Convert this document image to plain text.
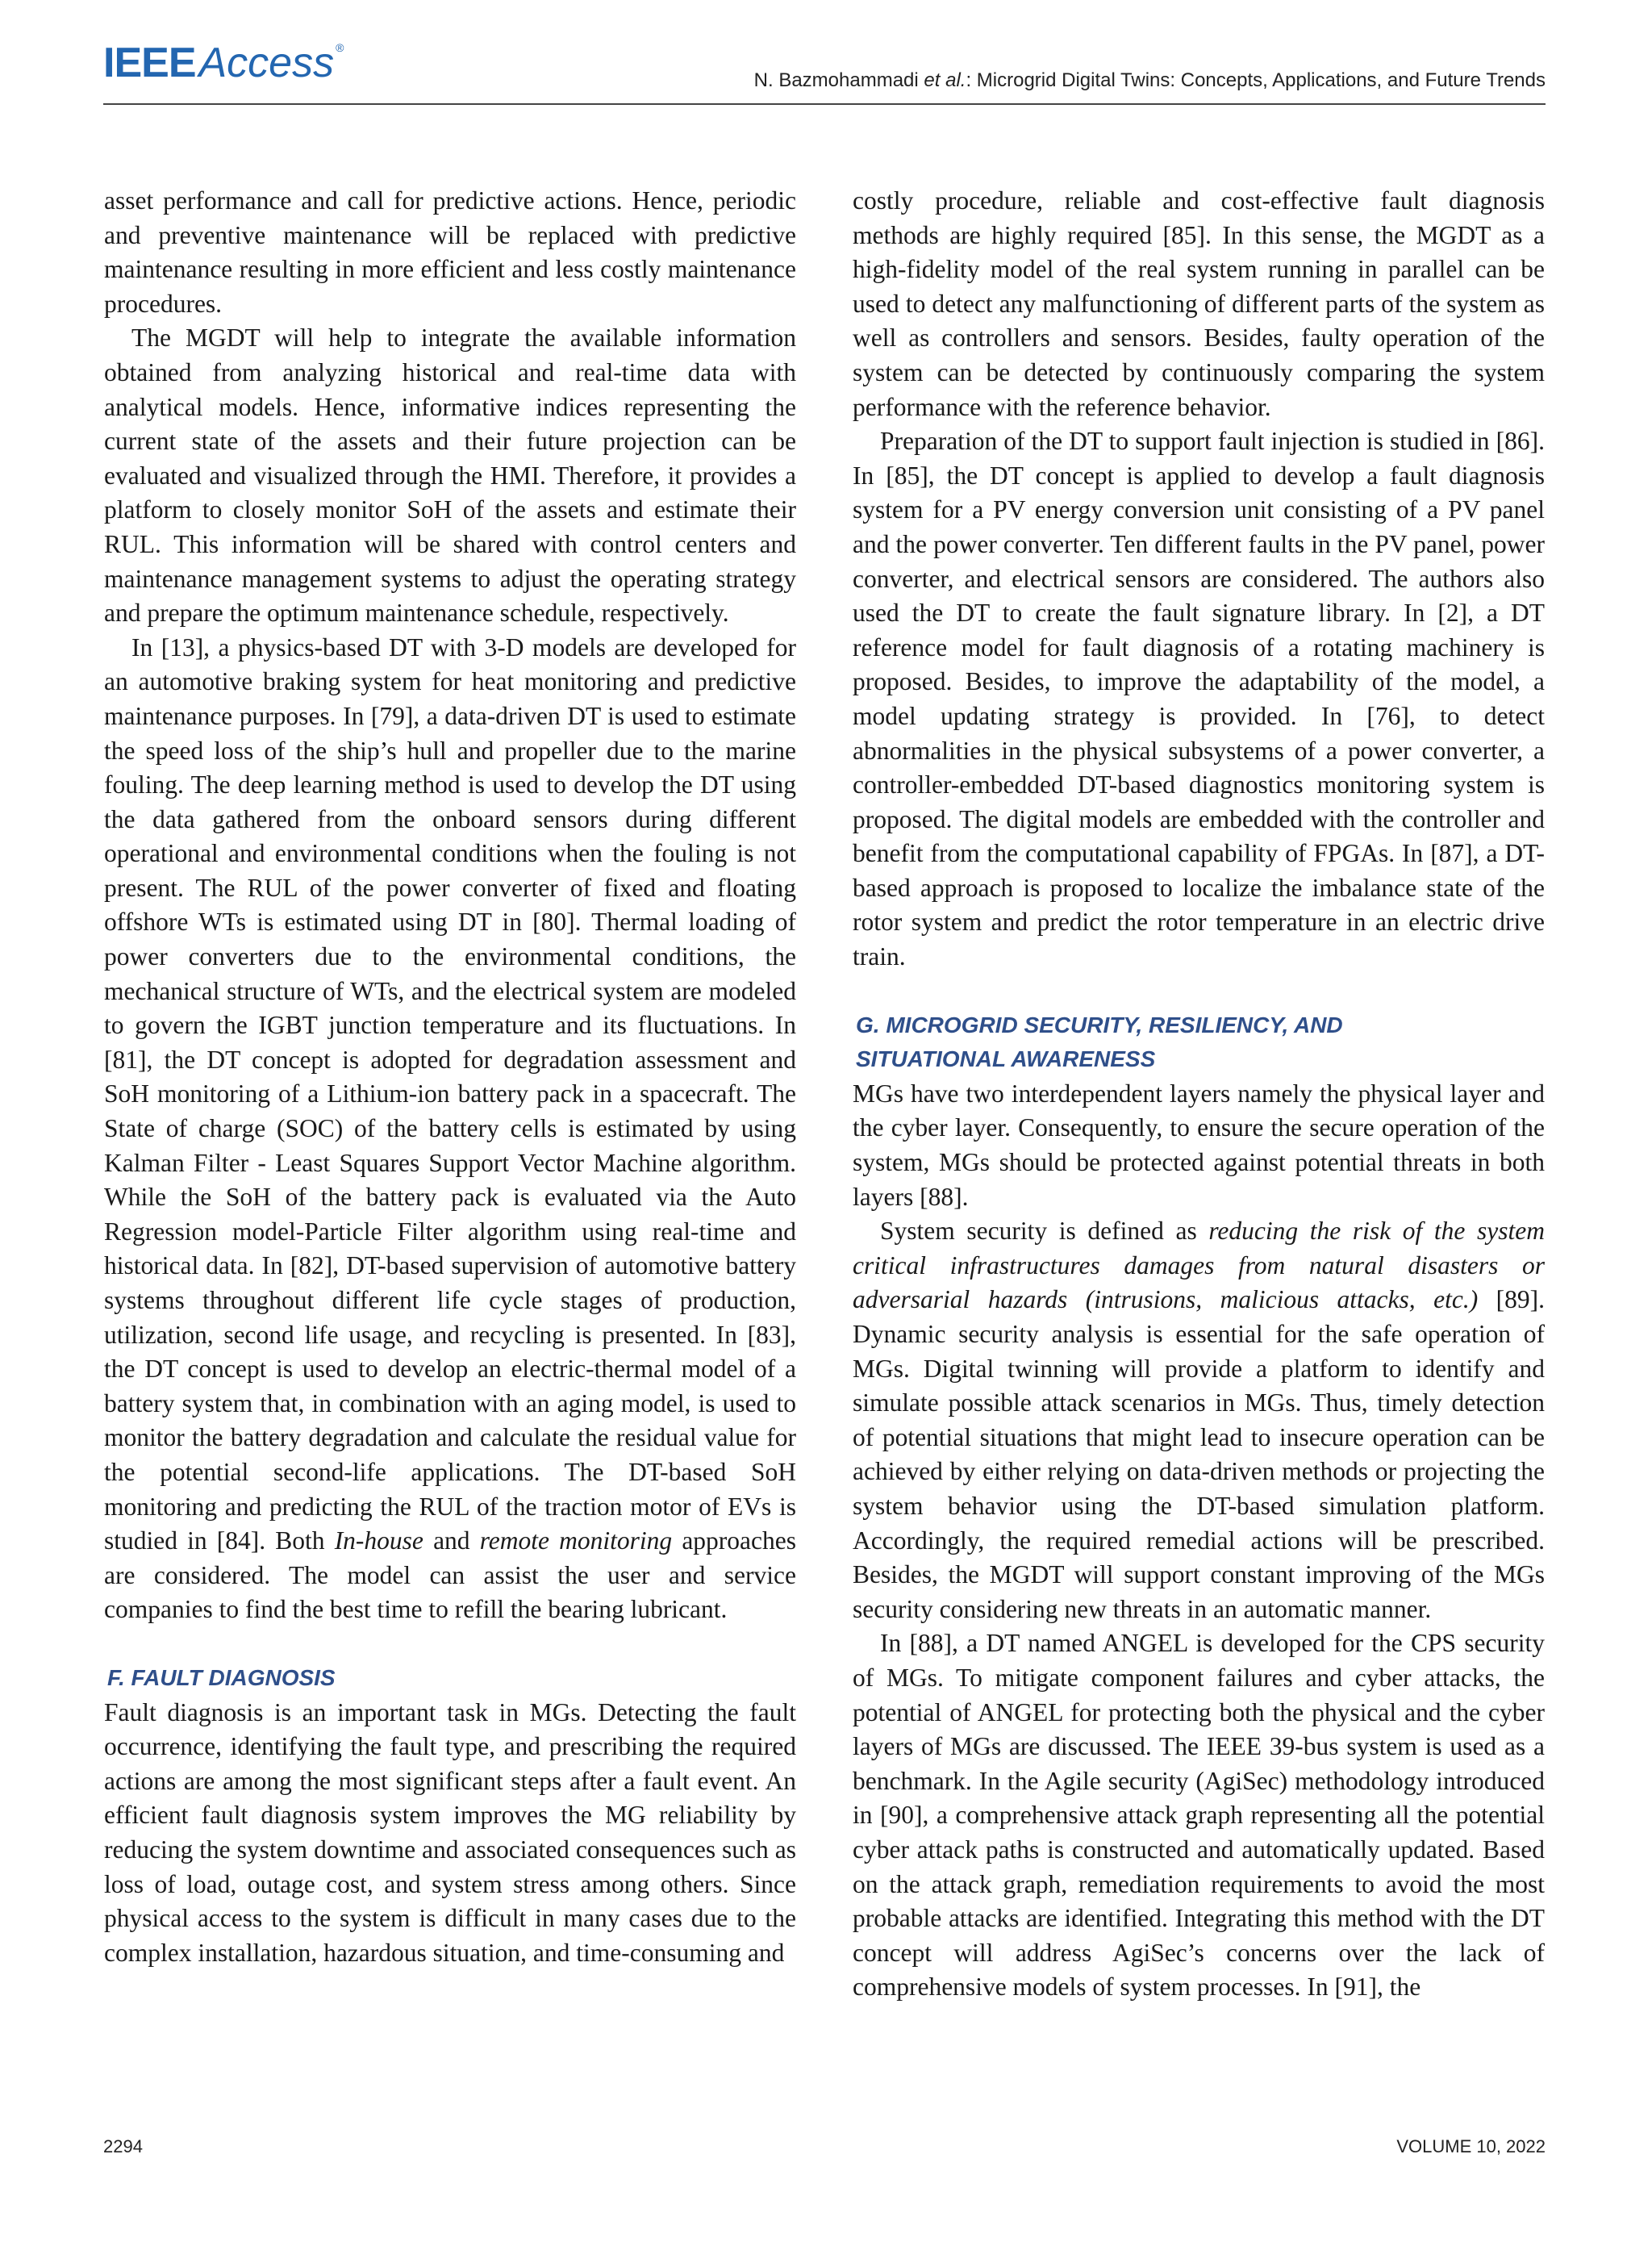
IEEEAccess ®
N. Bazmohammadi et al.: Microgrid Digital Twins: Concepts, Applications, and Future Trends

asset performance and call for predictive actions. Hence, periodic and preventive maintenance will be replaced with predictive maintenance resulting in more efficient and less costly maintenance procedures.

The MGDT will help to integrate the available information obtained from analyzing historical and real-time data with analytical models. Hence, informative indices representing the current state of the assets and their future projection can be evaluated and visualized through the HMI. Therefore, it provides a platform to closely monitor SoH of the assets and estimate their RUL. This information will be shared with control centers and maintenance management systems to adjust the operating strategy and prepare the optimum maintenance schedule, respectively.

In [13], a physics-based DT with 3-D models are developed for an automotive braking system for heat monitoring and predictive maintenance purposes. In [79], a data-driven DT is used to estimate the speed loss of the ship’s hull and propeller due to the marine fouling. The deep learning method is used to develop the DT using the data gathered from the onboard sensors during different operational and environmental conditions when the fouling is not present. The RUL of the power converter of fixed and floating offshore WTs is estimated using DT in [80]. Thermal loading of power converters due to the environmental conditions, the mechanical structure of WTs, and the electrical system are modeled to govern the IGBT junction temperature and its fluctuations. In [81], the DT concept is adopted for degradation assessment and SoH monitoring of a Lithium-ion battery pack in a spacecraft. The State of charge (SOC) of the battery cells is estimated by using Kalman Filter - Least Squares Support Vector Machine algorithm. While the SoH of the battery pack is evaluated via the Auto Regression model-Particle Filter algorithm using real-time and historical data. In [82], DT-based supervision of automotive battery systems throughout different life cycle stages of production, utilization, second life usage, and recycling is presented. In [83], the DT concept is used to develop an electric-thermal model of a battery system that, in combination with an aging model, is used to monitor the battery degradation and calculate the residual value for the potential second-life applications. The DT-based SoH monitoring and predicting the RUL of the traction motor of EVs is studied in [84]. Both In-house and remote monitoring approaches are considered. The model can assist the user and service companies to find the best time to refill the bearing lubricant.

F. FAULT DIAGNOSIS

Fault diagnosis is an important task in MGs. Detecting the fault occurrence, identifying the fault type, and prescribing the required actions are among the most significant steps after a fault event. An efficient fault diagnosis system improves the MG reliability by reducing the system downtime and associated consequences such as loss of load, outage cost, and system stress among others. Since physical access to the system is difficult in many cases due to the complex installation, hazardous situation, and time-consuming and

costly procedure, reliable and cost-effective fault diagnosis methods are highly required [85]. In this sense, the MGDT as a high-fidelity model of the real system running in parallel can be used to detect any malfunctioning of different parts of the system as well as controllers and sensors. Besides, faulty operation of the system can be detected by continuously comparing the system performance with the reference behavior.

Preparation of the DT to support fault injection is studied in [86]. In [85], the DT concept is applied to develop a fault diagnosis system for a PV energy conversion unit consisting of a PV panel and the power converter. Ten different faults in the PV panel, power converter, and electrical sensors are considered. The authors also used the DT to create the fault signature library. In [2], a DT reference model for fault diagnosis of a rotating machinery is proposed. Besides, to improve the adaptability of the model, a model updating strategy is provided. In [76], to detect abnormalities in the physical subsystems of a power converter, a controller-embedded DT-based diagnostics monitoring system is proposed. The digital models are embedded with the controller and benefit from the computational capability of FPGAs. In [87], a DT-based approach is proposed to localize the imbalance state of the rotor system and predict the rotor temperature in an electric drive train.

G. MICROGRID SECURITY, RESILIENCY, AND
SITUATIONAL AWARENESS

MGs have two interdependent layers namely the physical layer and the cyber layer. Consequently, to ensure the secure operation of the system, MGs should be protected against potential threats in both layers [88].

System security is defined as reducing the risk of the system critical infrastructures damages from natural disasters or adversarial hazards (intrusions, malicious attacks, etc.) [89]. Dynamic security analysis is essential for the safe operation of MGs. Digital twinning will provide a platform to identify and simulate possible attack scenarios in MGs. Thus, timely detection of potential situations that might lead to insecure operation can be achieved by either relying on data-driven methods or projecting the system behavior using the DT-based simulation platform. Accordingly, the required remedial actions will be prescribed. Besides, the MGDT will support constant improving of the MGs security considering new threats in an automatic manner.

In [88], a DT named ANGEL is developed for the CPS security of MGs. To mitigate component failures and cyber attacks, the potential of ANGEL for protecting both the physical and the cyber layers of MGs are discussed. The IEEE 39-bus system is used as a benchmark. In the Agile security (AgiSec) methodology introduced in [90], a comprehensive attack graph representing all the potential cyber attack paths is constructed and automatically updated. Based on the attack graph, remediation requirements to avoid the most probable attacks are identified. Integrating this method with the DT concept will address AgiSec’s concerns over the lack of comprehensive models of system processes. In [91], the

2294	VOLUME 10, 2022
